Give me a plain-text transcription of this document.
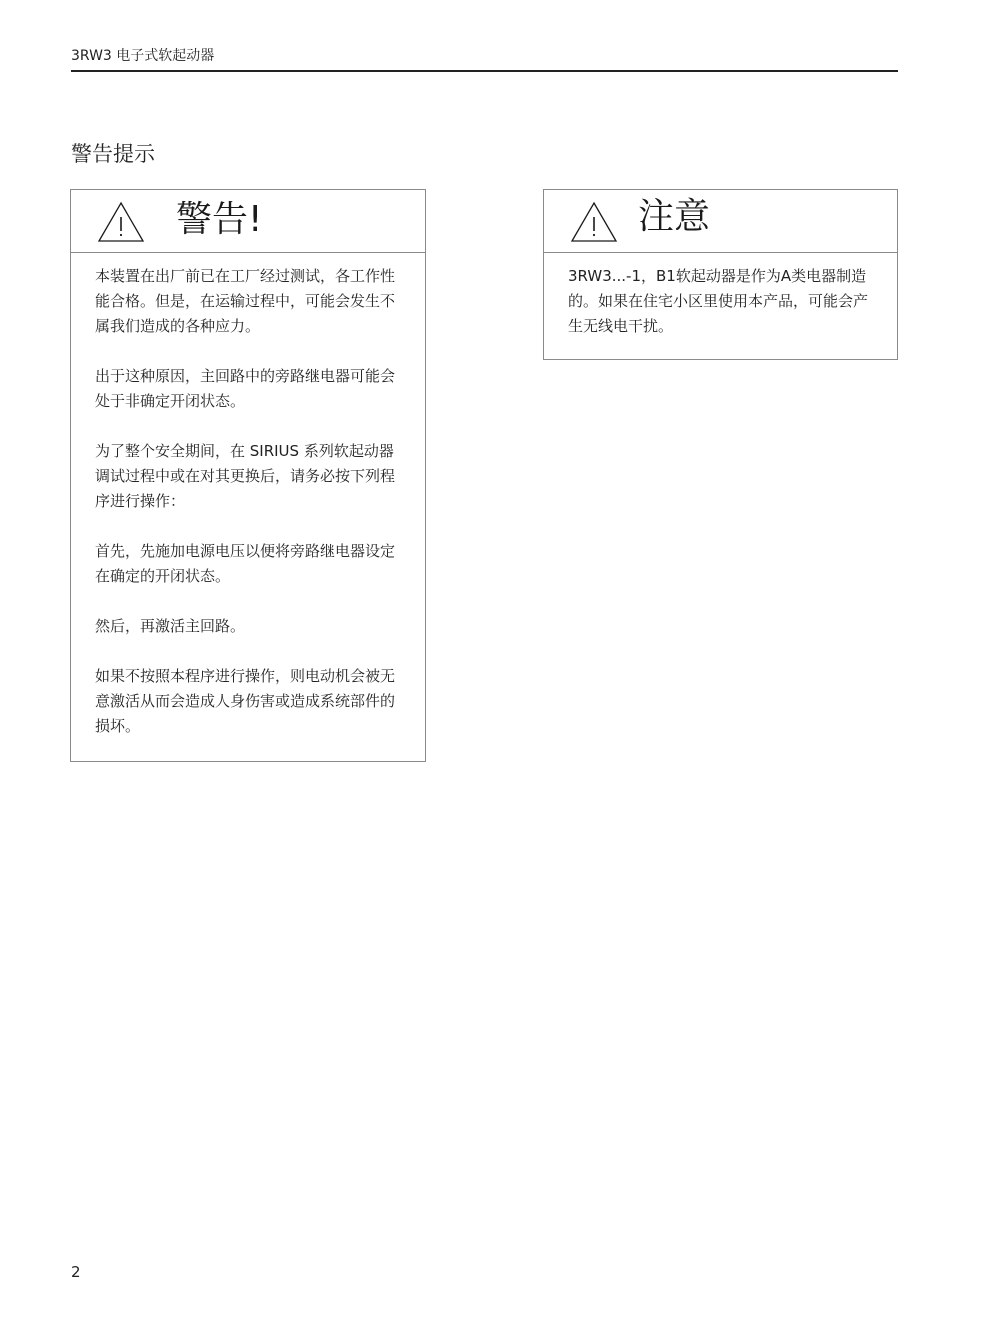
3RW3 电子式软起动器
警告提示
警告!

本装置在出厂前已在工厂经过测试，各工作性能合格。但是，在运输过程中，可能会发生不属我们造成的各种应力。

出于这种原因，主回路中的旁路继电器可能会处于非确定开闭状态。

为了整个安全期间，在 SIRIUS 系列软起动器调试过程中或在对其更换后，请务必按下列程序进行操作：

首先，先施加电源电压以便将旁路继电器设定在确定的开闭状态。

然后，再激活主回路。

如果不按照本程序进行操作，则电动机会被无意激活从而会造成人身伤害或造成系统部件的损坏。

注意

3RW3...-1，B1软起动器是作为A类电器制造的。如果在住宅小区里使用本产品，可能会产生无线电干扰。

2
